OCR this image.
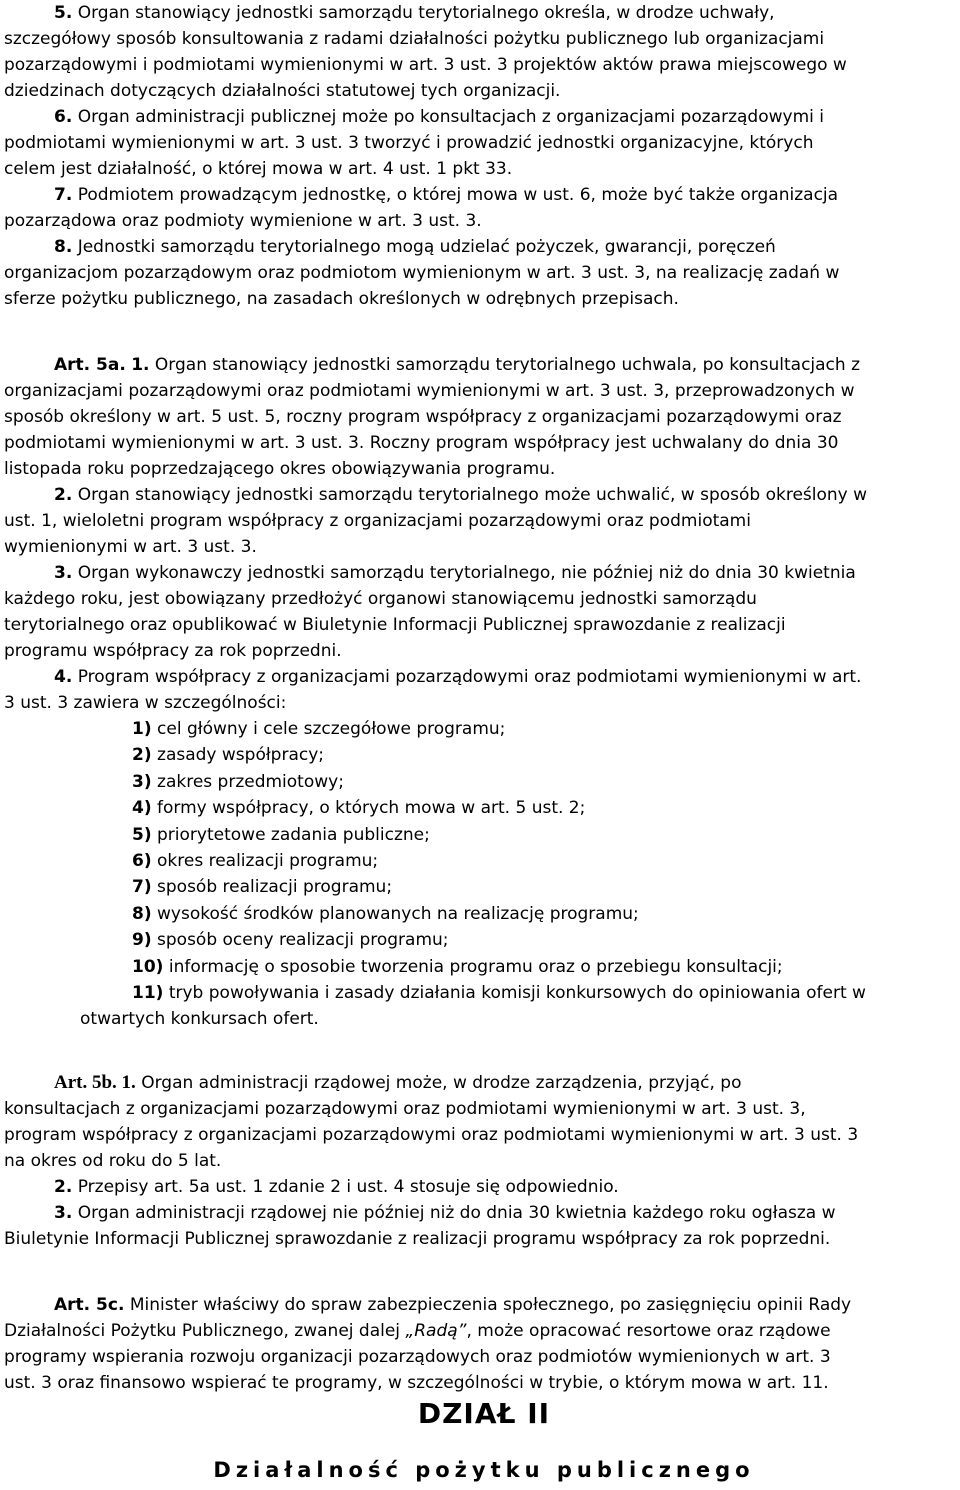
5. Organ stanowiący jednostki samorządu terytorialnego określa, w drodze uchwały,

szczegółowy sposób konsultowania z radami działalności pożytku publicznego lub organizacjami

pozarządowymi i podmiotami wymienionymi w art. 3 ust. 3 projektów aktów prawa miejscowego w

dziedzinach dotyczących działalności statutowej tych organizacji.

6. Organ administracji publicznej może po konsultacjach z organizacjami pozarządowymi i

podmiotami wymienionymi w art. 3 ust. 3 tworzyć i prowadzić jednostki organizacyjne, których

celem jest działalność, o której mowa w art. 4 ust. 1 pkt 33.

7. Podmiotem prowadzącym jednostkę, o której mowa w ust. 6, może być także organizacja

pozarządowa oraz podmioty wymienione w art. 3 ust. 3.

8. Jednostki samorządu terytorialnego mogą udzielać pożyczek, gwarancji, poręczeń

organizacjom pozarządowym oraz podmiotom wymienionym w art. 3 ust. 3, na realizację zadań w

sferze pożytku publicznego, na zasadach określonych w odrębnych przepisach.

Art. 5a. 1. Organ stanowiący jednostki samorządu terytorialnego uchwala, po konsultacjach z

organizacjami pozarządowymi oraz podmiotami wymienionymi w art. 3 ust. 3, przeprowadzonych w

sposób określony w art. 5 ust. 5, roczny program współpracy z organizacjami pozarządowymi oraz

podmiotami wymienionymi w art. 3 ust. 3. Roczny program współpracy jest uchwalany do dnia 30

listopada roku poprzedzającego okres obowiązywania programu.

2. Organ stanowiący jednostki samorządu terytorialnego może uchwalić, w sposób określony w

ust. 1, wieloletni program współpracy z organizacjami pozarządowymi oraz podmiotami

wymienionymi w art. 3 ust. 3.

3. Organ wykonawczy jednostki samorządu terytorialnego, nie później niż do dnia 30 kwietnia

każdego roku, jest obowiązany przedłożyć organowi stanowiącemu jednostki samorządu

terytorialnego oraz opublikować w Biuletynie Informacji Publicznej sprawozdanie z realizacji

programu współpracy za rok poprzedni.

4. Program współpracy z organizacjami pozarządowymi oraz podmiotami wymienionymi w art.

3 ust. 3 zawiera w szczególności:

1) cel główny i cele szczegółowe programu;
2) zasady współpracy;
3) zakres przedmiotowy;
4) formy współpracy, o których mowa w art. 5 ust. 2;
5) priorytetowe zadania publiczne;
6) okres realizacji programu;
7) sposób realizacji programu;
8) wysokość środków planowanych na realizację programu;
9) sposób oceny realizacji programu;
10) informację o sposobie tworzenia programu oraz o przebiegu konsultacji;
11) tryb powoływania i zasady działania komisji konkursowych do opiniowania ofert w

otwartych konkursach ofert.

Art. 5b. 1. Organ administracji rządowej może, w drodze zarządzenia, przyjąć, po

konsultacjach z organizacjami pozarządowymi oraz podmiotami wymienionymi w art. 3 ust. 3,

program współpracy z organizacjami pozarządowymi oraz podmiotami wymienionymi w art. 3 ust. 3

na okres od roku do 5 lat.

2. Przepisy art. 5a ust. 1 zdanie 2 i ust. 4 stosuje się odpowiednio.

3. Organ administracji rządowej nie później niż do dnia 30 kwietnia każdego roku ogłasza w

Biuletynie Informacji Publicznej sprawozdanie z realizacji programu współpracy za rok poprzedni.

Art. 5c. Minister właściwy do spraw zabezpieczenia społecznego, po zasięgnięciu opinii Rady

Działalności Pożytku Publicznego, zwanej dalej „Radą”, może opracować resortowe oraz rządowe

programy wspierania rozwoju organizacji pozarządowych oraz podmiotów wymienionych w art. 3

ust. 3 oraz finansowo wspierać te programy, w szczególności w trybie, o którym mowa w art. 11.

DZIAŁ II
Działalność pożytku publicznego
